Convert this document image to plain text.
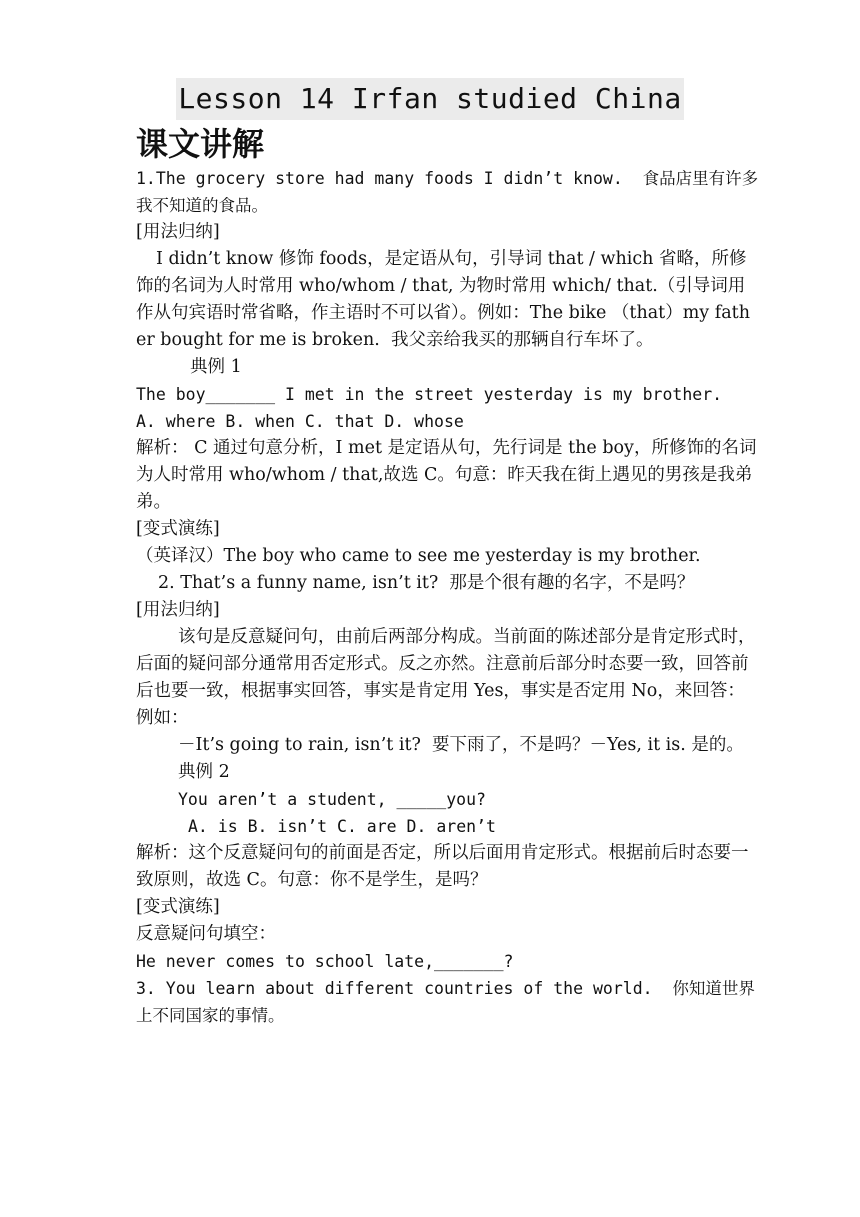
Lesson 14 Irfan studied China
课文讲解

1.The grocery store had many foods I didn’t know.  食品店里有许多我不知道的食品。

[用法归纳]

I didn’t know 修饰 foods，是定语从句，引导词 that / which 省略，所修饰的名词为人时常用 who/whom / that, 为物时常用 which/ that.（引导词用作从句宾语时常省略，作主语时不可以省）。例如：The bike （that）my father bought for me is broken.  我父亲给我买的那辆自行车坏了。

典例 1

The boy_______ I met in the street yesterday is my brother.

A. where B. when C. that D. whose

解析： C 通过句意分析，I met 是定语从句，先行词是 the boy，所修饰的名词为人时常用 who/whom / that,故选 C。句意：昨天我在街上遇见的男孩是我弟弟。

[变式演练]

（英译汉）The boy who came to see me yesterday is my brother.

2. That’s a funny name, isn’t it?  那是个很有趣的名字，不是吗？

[用法归纳]

该句是反意疑问句，由前后两部分构成。当前面的陈述部分是肯定形式时，后面的疑问部分通常用否定形式。反之亦然。注意前后部分时态要一致，回答前后也要一致，根据事实回答，事实是肯定用 Yes，事实是否定用 No，来回答：例如：

－It’s going to rain, isn’t it?  要下雨了，不是吗？－Yes, it is. 是的。

典例 2

You aren’t a student, _____you?

A. is B. isn’t C. are D. aren’t

解析：这个反意疑问句的前面是否定，所以后面用肯定形式。根据前后时态要一致原则，故选 C。句意：你不是学生，是吗？

[变式演练]

反意疑问句填空：

He never comes to school late,_______?

3. You learn about different countries of the world.  你知道世界上不同国家的事情。
